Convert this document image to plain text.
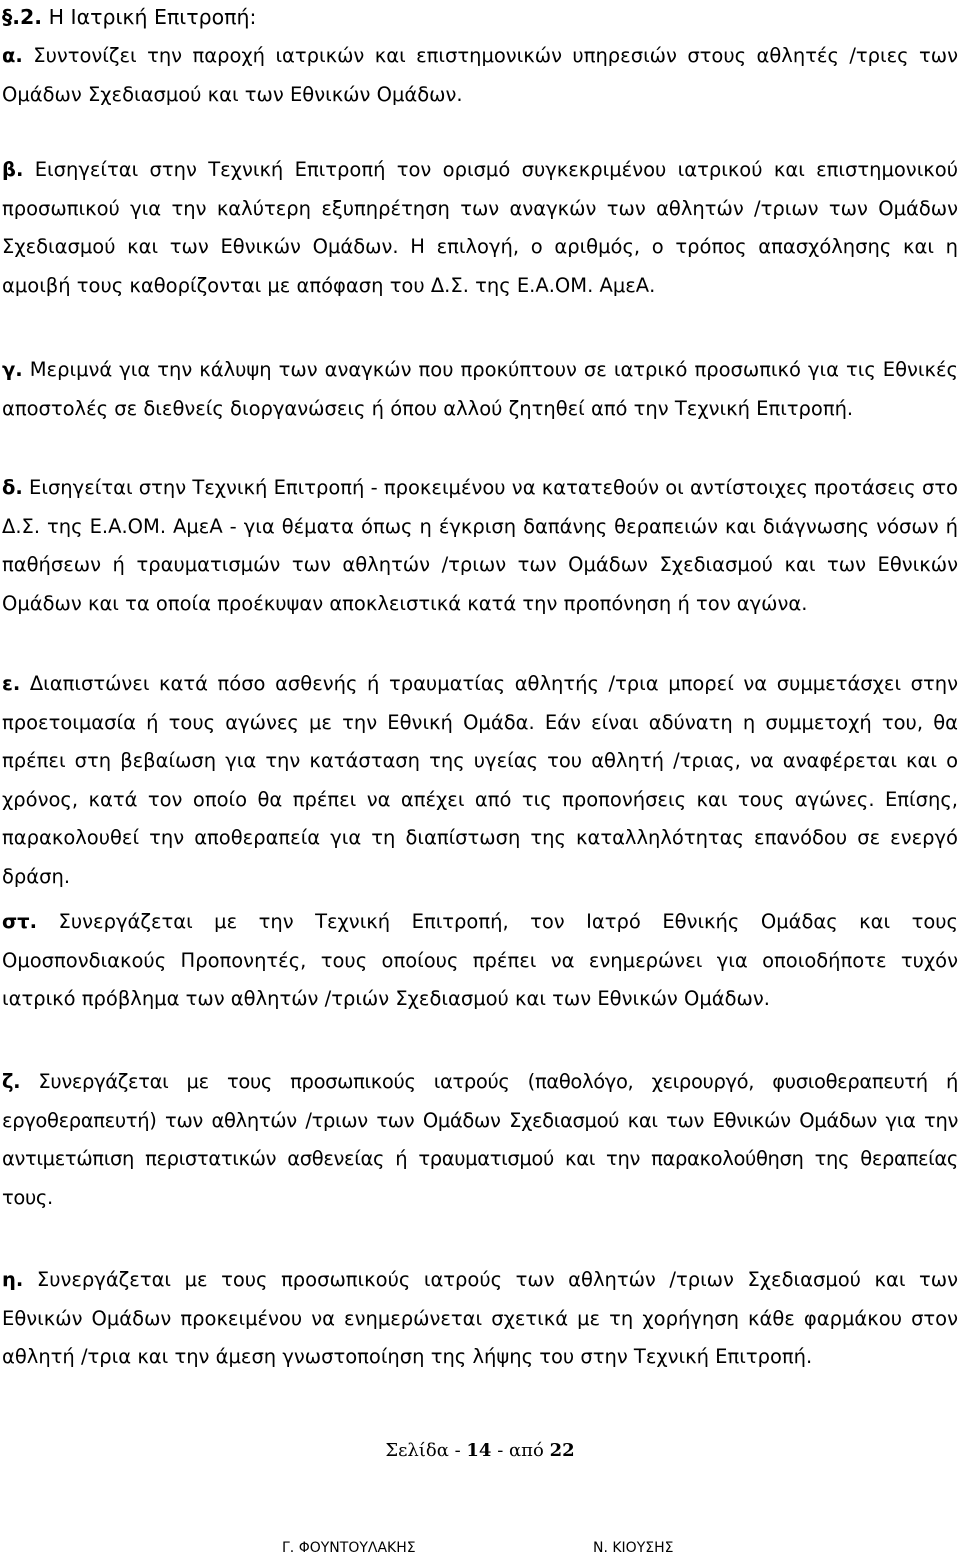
§.2. Η Ιατρική Επιτροπή:

α. Συντονίζει την παροχή ιατρικών και επιστημονικών υπηρεσιών στους αθλητές /τριες των Ομάδων Σχεδιασμού και των Εθνικών Ομάδων.

β. Εισηγείται στην Τεχνική Επιτροπή τον ορισμό συγκεκριμένου ιατρικού και επιστημονικού προσωπικού για την καλύτερη εξυπηρέτηση των αναγκών των αθλητών /τριων των Ομάδων Σχεδιασμού και των Εθνικών Ομάδων. Η επιλογή, ο αριθμός, ο τρόπος απασχόλησης και η αμοιβή τους καθορίζονται με απόφαση του Δ.Σ. της Ε.Α.ΟΜ. ΑμεΑ.

γ. Μεριμνά για την κάλυψη των αναγκών που προκύπτουν σε ιατρικό προσωπικό για τις Εθνικές αποστολές σε διεθνείς διοργανώσεις ή όπου αλλού ζητηθεί από την Τεχνική Επιτροπή.

δ. Εισηγείται στην Τεχνική Επιτροπή - προκειμένου να κατατεθούν οι αντίστοιχες προτάσεις στο Δ.Σ. της Ε.Α.ΟΜ. ΑμεΑ - για θέματα όπως η έγκριση δαπάνης θεραπειών και διάγνωσης νόσων ή παθήσεων ή τραυματισμών των αθλητών /τριων των Ομάδων Σχεδιασμού και των Εθνικών Ομάδων και τα οποία προέκυψαν αποκλειστικά κατά την προπόνηση ή τον αγώνα.

ε. Διαπιστώνει κατά πόσο ασθενής ή τραυματίας αθλητής /τρια μπορεί να συμμετάσχει στην προετοιμασία ή τους αγώνες με την Εθνική Ομάδα. Εάν είναι αδύνατη η συμμετοχή του, θα πρέπει στη βεβαίωση για την κατάσταση της υγείας του αθλητή /τριας, να αναφέρεται και ο χρόνος, κατά τον οποίο θα πρέπει να απέχει από τις προπονήσεις και τους αγώνες. Επίσης, παρακολουθεί την αποθεραπεία για τη διαπίστωση της καταλληλότητας επανόδου σε ενεργό δράση.

στ. Συνεργάζεται με την Τεχνική Επιτροπή, τον Ιατρό Εθνικής Ομάδας και τους Ομοσπονδιακούς Προπονητές, τους οποίους πρέπει να ενημερώνει για οποιοδήποτε τυχόν ιατρικό πρόβλημα των αθλητών /τριών Σχεδιασμού και των Εθνικών Ομάδων.

ζ. Συνεργάζεται με τους προσωπικούς ιατρούς (παθολόγο, χειρουργό, φυσιοθεραπευτή ή εργοθεραπευτή) των αθλητών /τριων των Ομάδων Σχεδιασμού και των Εθνικών Ομάδων για την αντιμετώπιση περιστατικών ασθενείας ή τραυματισμού και την παρακολούθηση της θεραπείας τους.

η. Συνεργάζεται με τους προσωπικούς ιατρούς των αθλητών /τριων Σχεδιασμού και των Εθνικών Ομάδων προκειμένου να ενημερώνεται σχετικά με τη χορήγηση κάθε φαρμάκου στον αθλητή /τρια και την άμεση γνωστοποίηση της λήψης του στην Τεχνική Επιτροπή.

Σελίδα - 14 - από 22
Γ. ΦΟΥΝΤΟΥΛΑΚΗΣ	Ν. ΚΙΟΥΣΗΣ
